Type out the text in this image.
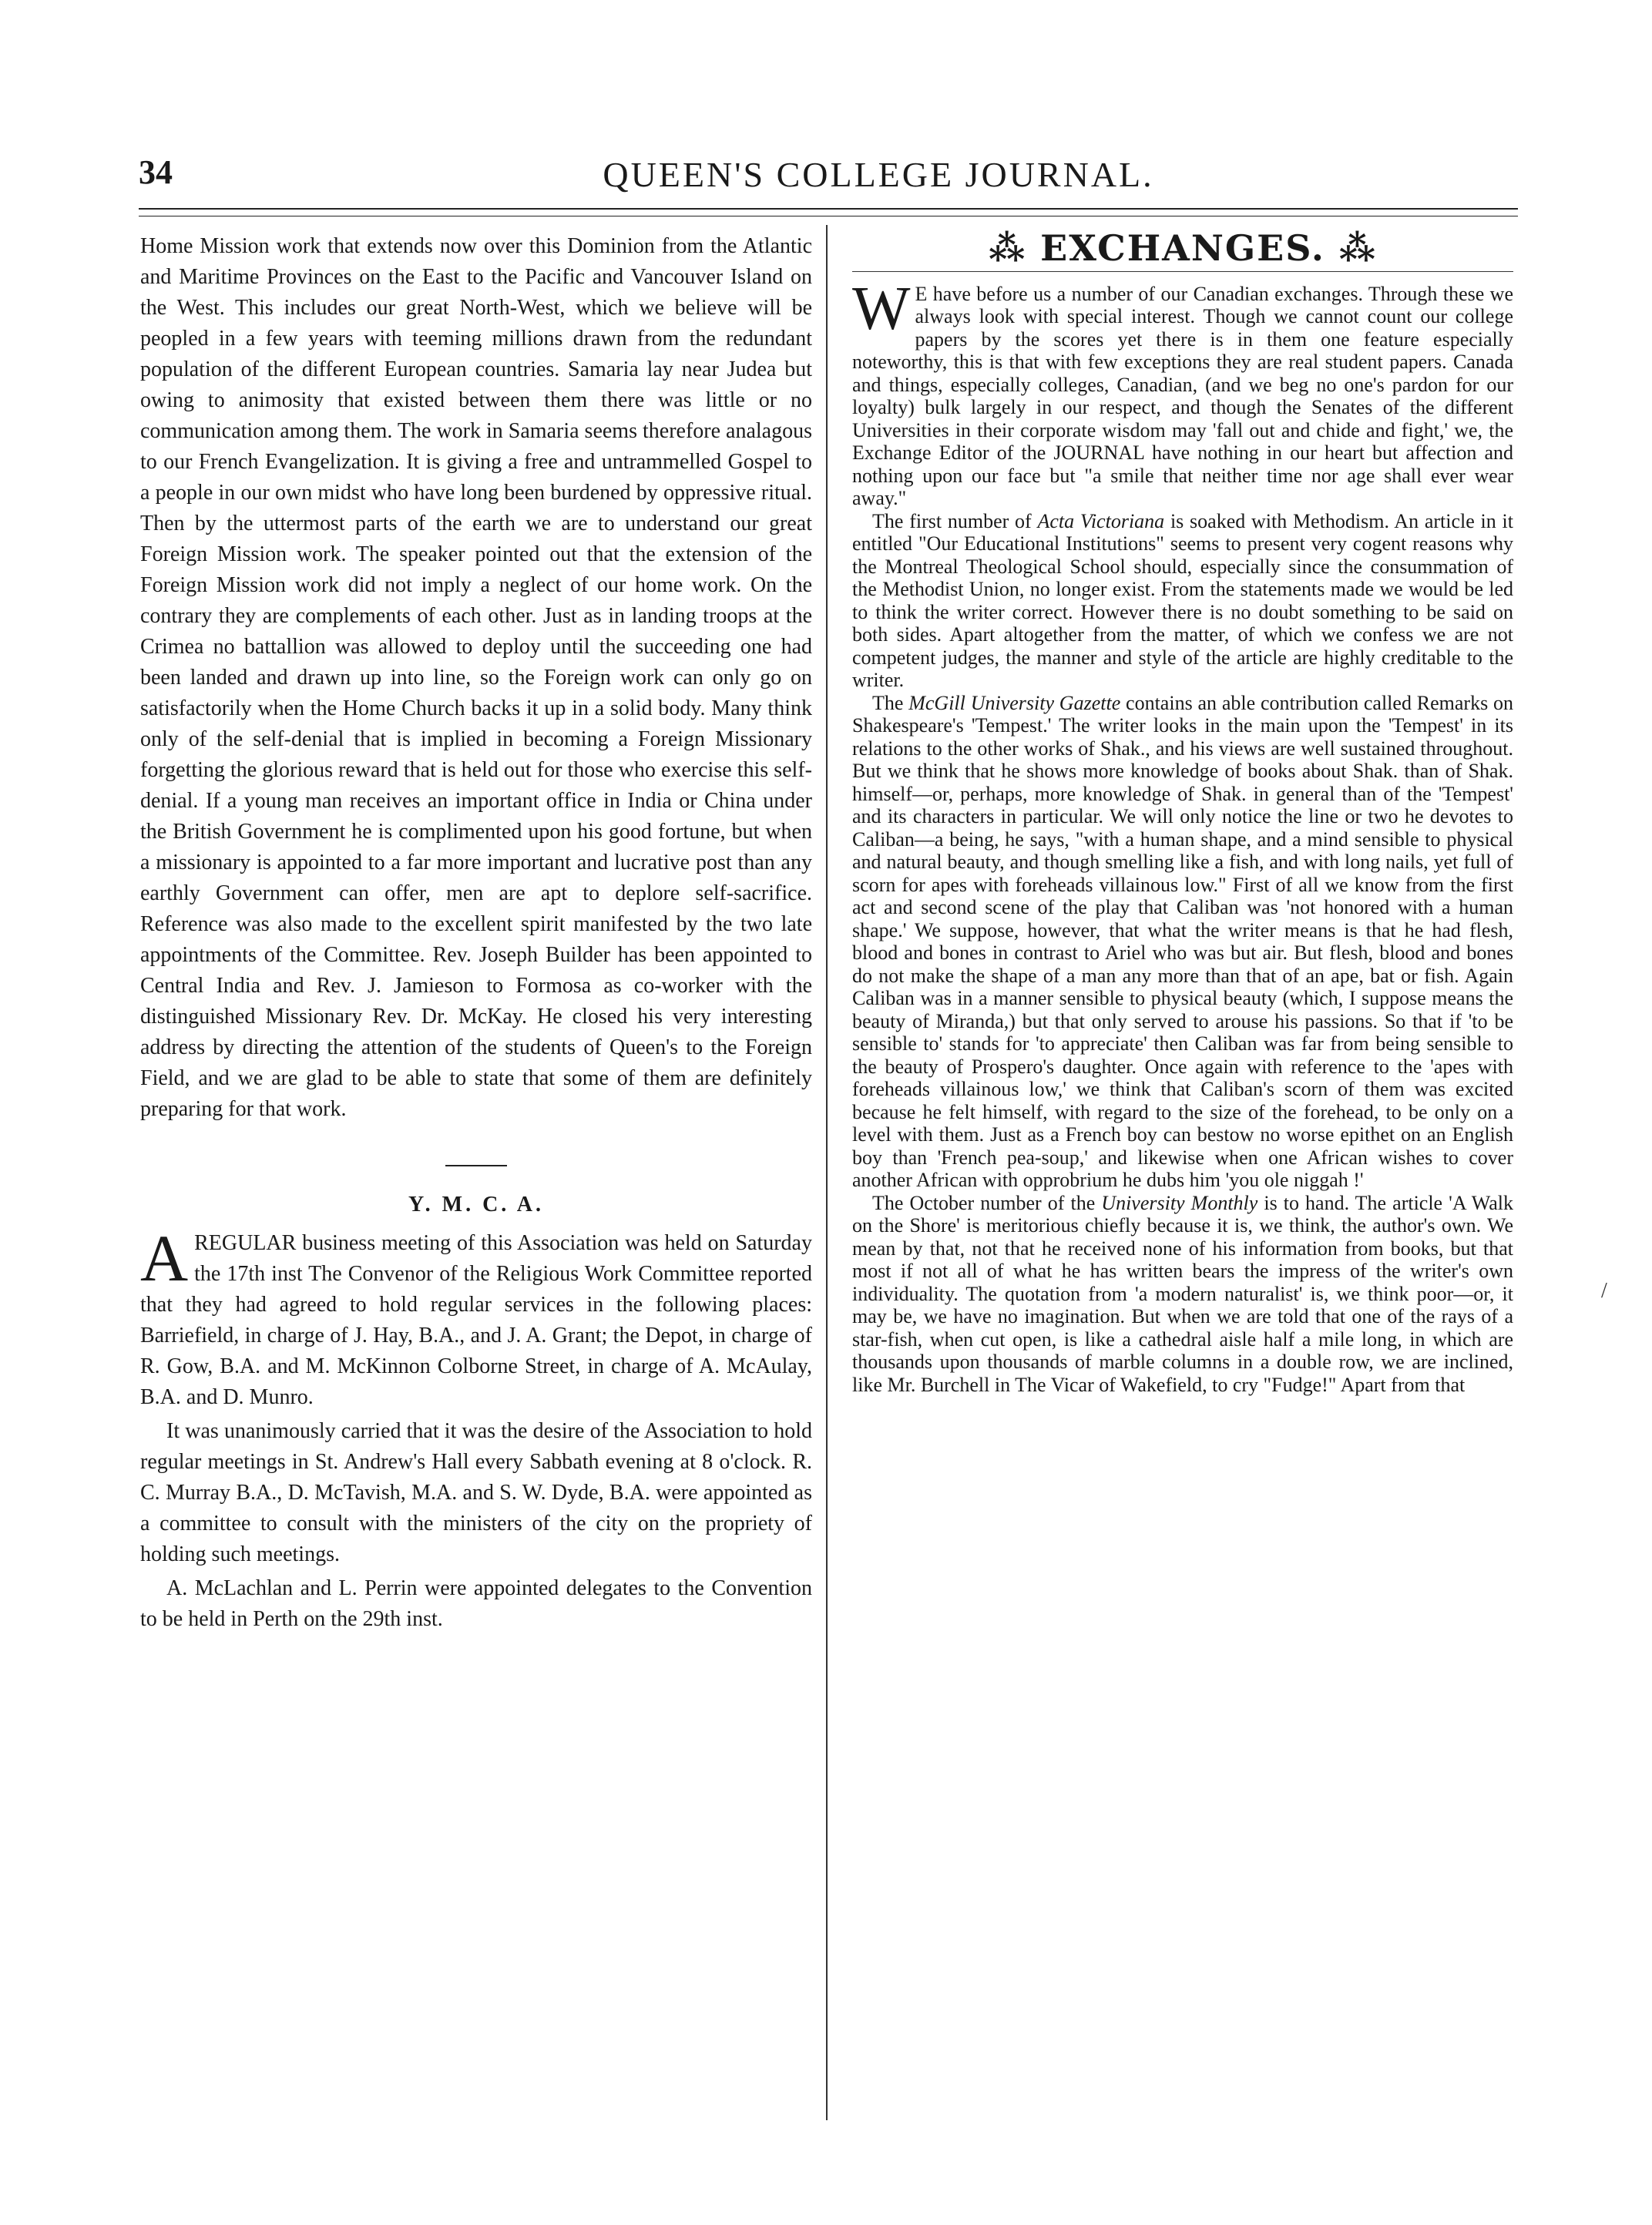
34	QUEEN'S COLLEGE JOURNAL.

Home Mission work that extends now over this Dominion from the Atlantic and Maritime Provinces on the East to the Pacific and Vancouver Island on the West. This includes our great North-West, which we believe will be peopled in a few years with teeming millions drawn from the redundant population of the different European countries. Samaria lay near Judea but owing to animosity that existed between them there was little or no communication among them. The work in Samaria seems therefore analagous to our French Evangelization. It is giving a free and untrammelled Gospel to a people in our own midst who have long been burdened by oppressive ritual. Then by the uttermost parts of the earth we are to understand our great Foreign Mission work. The speaker pointed out that the extension of the Foreign Mission work did not imply a neglect of our home work. On the contrary they are complements of each other. Just as in landing troops at the Crimea no battallion was allowed to deploy until the succeeding one had been landed and drawn up into line, so the Foreign work can only go on satisfactorily when the Home Church backs it up in a solid body. Many think only of the self-denial that is implied in becoming a Foreign Missionary forgetting the glorious reward that is held out for those who exercise this self-denial. If a young man receives an important office in India or China under the British Government he is complimented upon his good fortune, but when a missionary is appointed to a far more important and lucrative post than any earthly Government can offer, men are apt to deplore self-sacrifice. Reference was also made to the excellent spirit manifested by the two late appointments of the Committee. Rev. Joseph Builder has been appointed to Central India and Rev. J. Jamieson to Formosa as co-worker with the distinguished Missionary Rev. Dr. McKay. He closed his very interesting address by directing the attention of the students of Queen's to the Foreign Field, and we are glad to be able to state that some of them are definitely preparing for that work.

Y. M. C. A.

AREGULAR business meeting of this Association was held on Saturday the 17th inst The Convenor of the Religious Work Committee reported that they had agreed to hold regular services in the following places: Barriefield, in charge of J. Hay, B.A., and J. A. Grant; the Depot, in charge of R. Gow, B.A. and M. McKinnon Colborne Street, in charge of A. McAulay, B.A. and D. Munro.

It was unanimously carried that it was the desire of the Association to hold regular meetings in St. Andrew's Hall every Sabbath evening at 8 o'clock. R. C. Murray B.A., D. McTavish, M.A. and S. W. Dyde, B.A. were appointed as a committee to consult with the ministers of the city on the propriety of holding such meetings.

A. McLachlan and L. Perrin were appointed delegates to the Convention to be held in Perth on the 29th inst.

⁂ EXCHANGES. ⁂

WE have before us a number of our Canadian exchanges. Through these we always look with special interest. Though we cannot count our college papers by the scores yet there is in them one feature especially noteworthy, this is that with few exceptions they are real student papers. Canada and things, especially colleges, Canadian, (and we beg no one's pardon for our loyalty) bulk largely in our respect, and though the Senates of the different Universities in their corporate wisdom may 'fall out and chide and fight,' we, the Exchange Editor of the JOURNAL have nothing in our heart but affection and nothing upon our face but "a smile that neither time nor age shall ever wear away."

The first number of Acta Victoriana is soaked with Methodism. An article in it entitled "Our Educational Institutions" seems to present very cogent reasons why the Montreal Theological School should, especially since the consummation of the Methodist Union, no longer exist. From the statements made we would be led to think the writer correct. However there is no doubt something to be said on both sides. Apart altogether from the matter, of which we confess we are not competent judges, the manner and style of the article are highly creditable to the writer.

The McGill University Gazette contains an able contribution called Remarks on Shakespeare's 'Tempest.' The writer looks in the main upon the 'Tempest' in its relations to the other works of Shak., and his views are well sustained throughout. But we think that he shows more knowledge of books about Shak. than of Shak. himself—or, perhaps, more knowledge of Shak. in general than of the 'Tempest' and its characters in particular. We will only notice the line or two he devotes to Caliban—a being, he says, "with a human shape, and a mind sensible to physical and natural beauty, and though smelling like a fish, and with long nails, yet full of scorn for apes with foreheads villainous low." First of all we know from the first act and second scene of the play that Caliban was 'not honored with a human shape.' We suppose, however, that what the writer means is that he had flesh, blood and bones in contrast to Ariel who was but air. But flesh, blood and bones do not make the shape of a man any more than that of an ape, bat or fish. Again Caliban was in a manner sensible to physical beauty (which, I suppose means the beauty of Miranda,) but that only served to arouse his passions. So that if 'to be sensible to' stands for 'to appreciate' then Caliban was far from being sensible to the beauty of Prospero's daughter. Once again with reference to the 'apes with foreheads villainous low,' we think that Caliban's scorn of them was excited because he felt himself, with regard to the size of the forehead, to be only on a level with them. Just as a French boy can bestow no worse epithet on an English boy than 'French pea-soup,' and likewise when one African wishes to cover another African with opprobrium he dubs him 'you ole niggah !'

The October number of the University Monthly is to hand. The article 'A Walk on the Shore' is meritorious chiefly because it is, we think, the author's own. We mean by that, not that he received none of his information from books, but that most if not all of what he has written bears the impress of the writer's own individuality. The quotation from 'a modern naturalist' is, we think poor—or, it may be, we have no imagination. But when we are told that one of the rays of a star-fish, when cut open, is like a cathedral aisle half a mile long, in which are thousands upon thousands of marble columns in a double row, we are inclined, like Mr. Burchell in The Vicar of Wakefield, to cry "Fudge!" Apart from that

/
